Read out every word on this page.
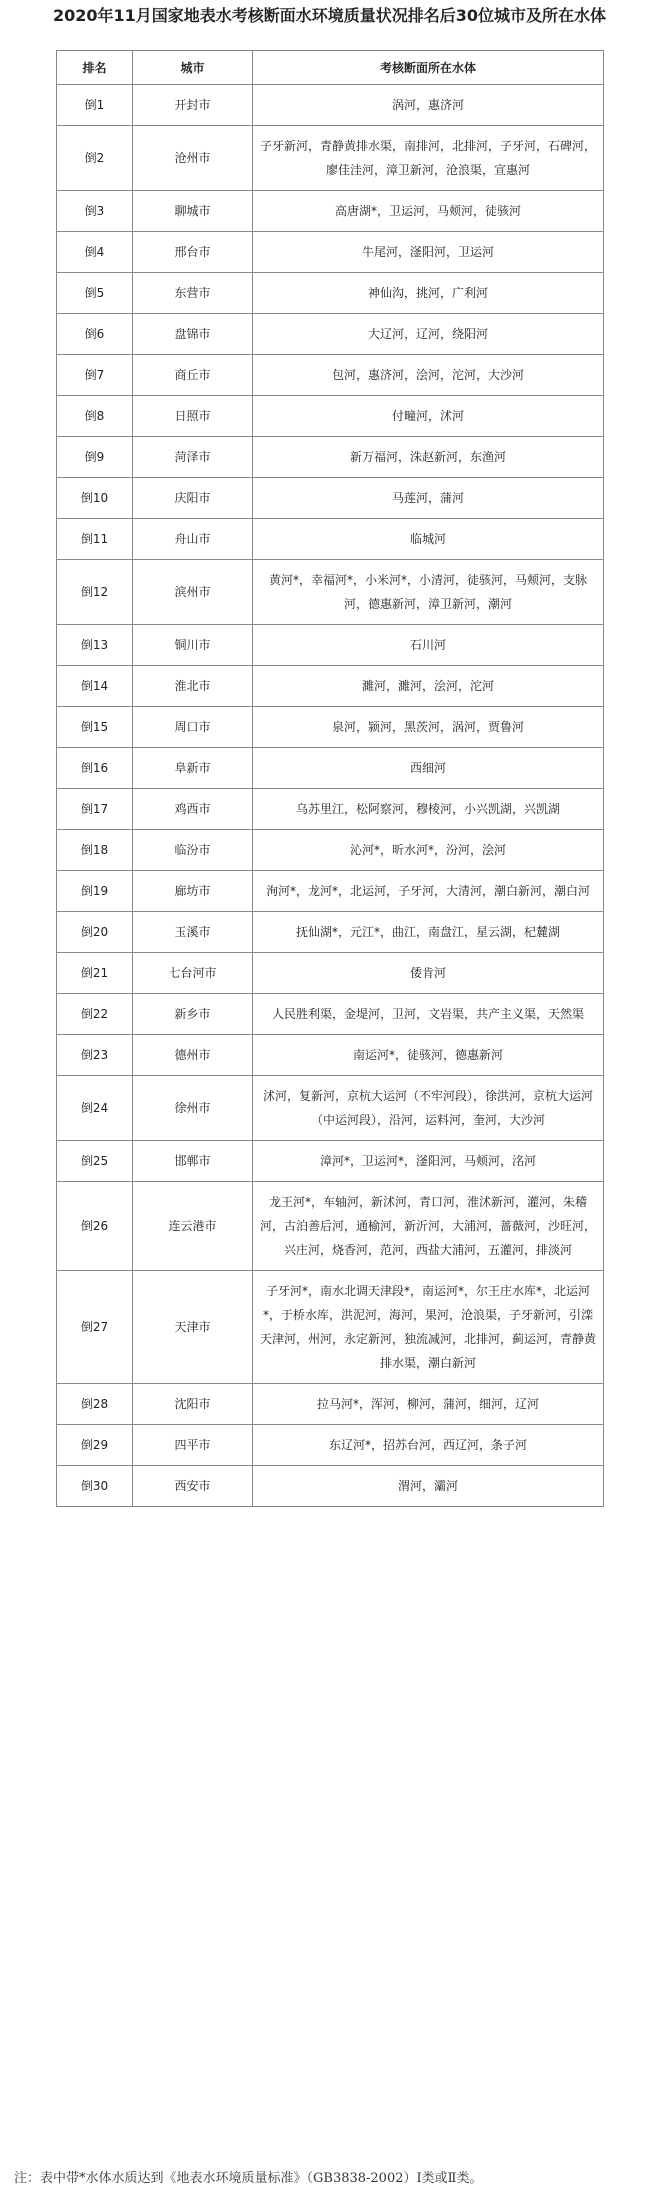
2020年11月国家地表水考核断面水环境质量状况排名后30位城市及所在水体
排名	城市	考核断面所在水体
倒1	开封市	涡河，惠济河
倒2	沧州市	子牙新河，青静黄排水渠，南排河，北排河，子牙河，石碑河，廖佳洼河，漳卫新河，沧浪渠，宣惠河
倒3	聊城市	高唐湖*，卫运河，马颊河，徒骇河
倒4	邢台市	牛尾河，滏阳河，卫运河
倒5	东营市	神仙沟，挑河，广利河
倒6	盘锦市	大辽河，辽河，绕阳河
倒7	商丘市	包河，惠济河，浍河，沱河，大沙河
倒8	日照市	付疃河，沭河
倒9	菏泽市	新万福河，洙赵新河，东渔河
倒10	庆阳市	马莲河，蒲河
倒11	舟山市	临城河
倒12	滨州市	黄河*，幸福河*，小米河*，小清河，徒骇河，马颊河，支脉河，德惠新河，漳卫新河，潮河
倒13	铜川市	石川河
倒14	淮北市	濉河，濉河，浍河，沱河
倒15	周口市	泉河，颍河，黑茨河，涡河，贾鲁河
倒16	阜新市	西细河
倒17	鸡西市	乌苏里江，松阿察河，穆棱河，小兴凯湖，兴凯湖
倒18	临汾市	沁河*，昕水河*，汾河，浍河
倒19	廊坊市	洵河*，龙河*，北运河，子牙河，大清河，潮白新河，潮白河
倒20	玉溪市	抚仙湖*，元江*，曲江，南盘江，星云湖，杞麓湖
倒21	七台河市	倭肯河
倒22	新乡市	人民胜利渠，金堤河，卫河，文岩渠，共产主义渠，天然渠
倒23	德州市	南运河*，徒骇河，德惠新河
倒24	徐州市	沭河，复新河，京杭大运河（不牢河段），徐洪河，京杭大运河（中运河段），沿河，运料河，奎河，大沙河
倒25	邯郸市	漳河*，卫运河*，滏阳河，马颊河，洺河
倒26	连云港市	龙王河*，车轴河，新沭河，青口河，淮沭新河，灌河，朱稽河，古泊善后河，通榆河，新沂河，大浦河，蔷薇河，沙旺河，兴庄河，烧香河，范河，西盐大浦河，五灌河，排淡河
倒27	天津市	子牙河*，南水北调天津段*，南运河*，尔王庄水库*，北运河*，于桥水库，洪泥河，海河，果河，沧浪渠，子牙新河，引滦天津河，州河，永定新河，独流减河，北排河，蓟运河，青静黄排水渠，潮白新河
倒28	沈阳市	拉马河*，浑河，柳河，蒲河，细河，辽河
倒29	四平市	东辽河*，招苏台河，西辽河，条子河
倒30	西安市	渭河，灞河
注：表中带*水体水质达到《地表水环境质量标准》（GB3838-2002）Ⅰ类或Ⅱ类。
